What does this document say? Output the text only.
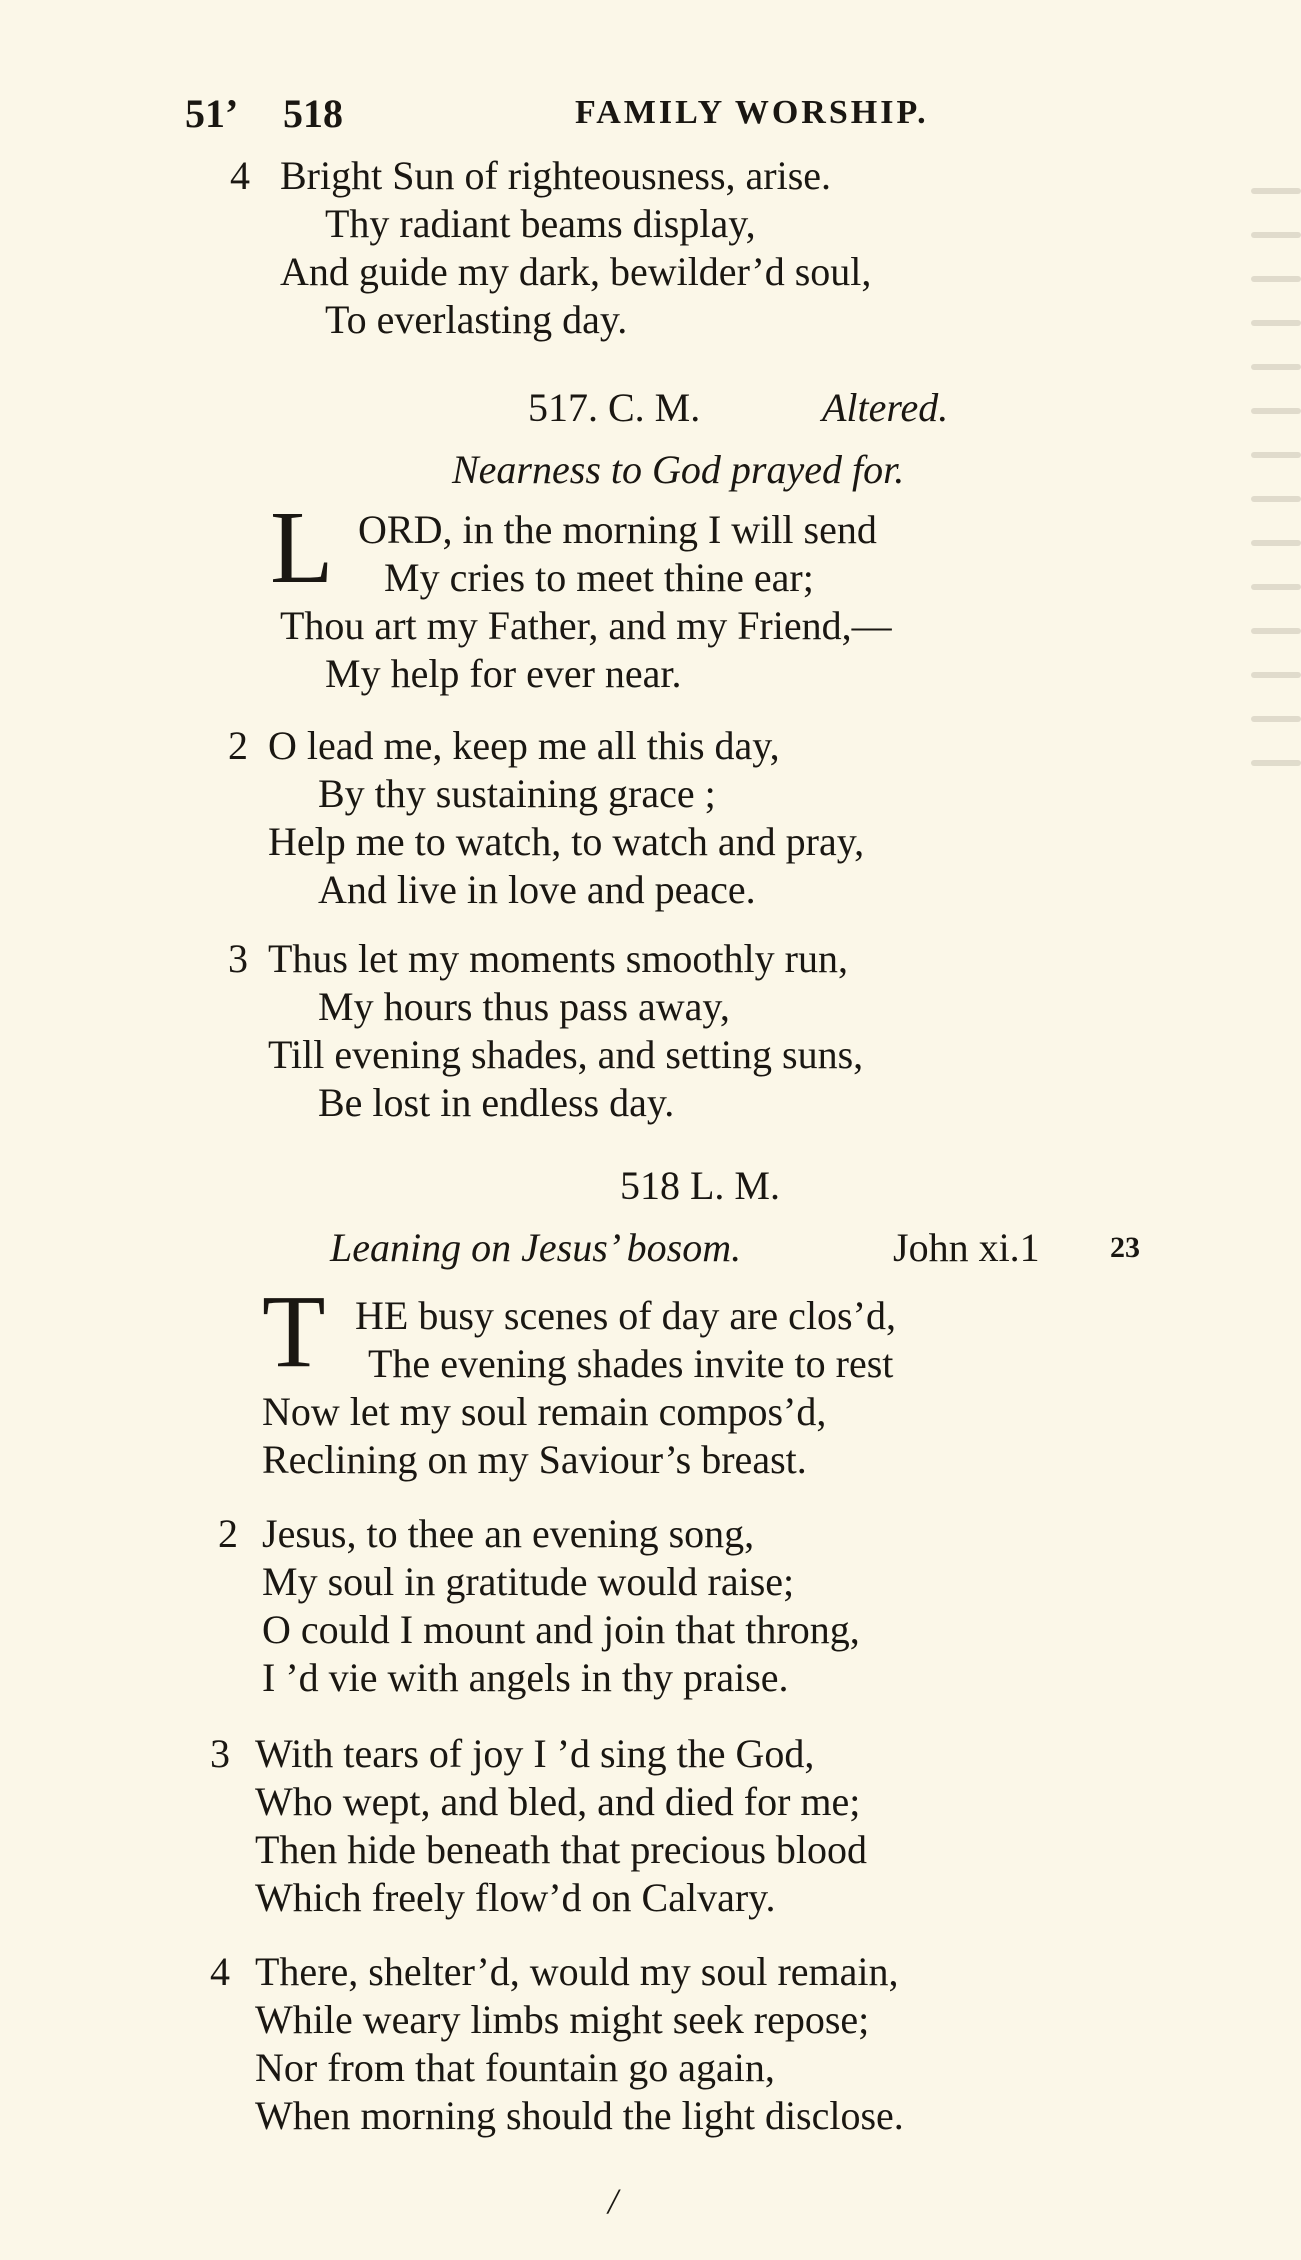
51ʼ 518	FAMILY WORSHIP.
4 Bright Sun of righteousness, arise.
Thy radiant beams display,
And guide my dark, bewilder’d soul,
To everlasting day.
517. C. M.	Altered.
Nearness to God prayed for.
L ORD, in the morning I will send
My cries to meet thine ear;
Thou art my Father, and my Friend,—
My help for ever near.
2 O lead me, keep me all this day,
By thy sustaining grace ;
Help me to watch, to watch and pray,
And live in love and peace.
3 Thus let my moments smoothly run,
My hours thus pass away,
Till evening shades, and setting suns,
Be lost in endless day.
518 L. M.
Leaning on Jesus’ bosom.	John xi.1 23
T HE busy scenes of day are clos’d,
The evening shades invite to rest
Now let my soul remain compos’d,
Reclining on my Saviour’s breast.
2 Jesus, to thee an evening song,
My soul in gratitude would raise;
O could I mount and join that throng,
I ’d vie with angels in thy praise.
3 With tears of joy I ’d sing the God,
Who wept, and bled, and died for me;
Then hide beneath that precious blood
Which freely flow’d on Calvary.
4 There, shelter’d, would my soul remain,
While weary limbs might seek repose;
Nor from that fountain go again,
When morning should the light disclose.
/
